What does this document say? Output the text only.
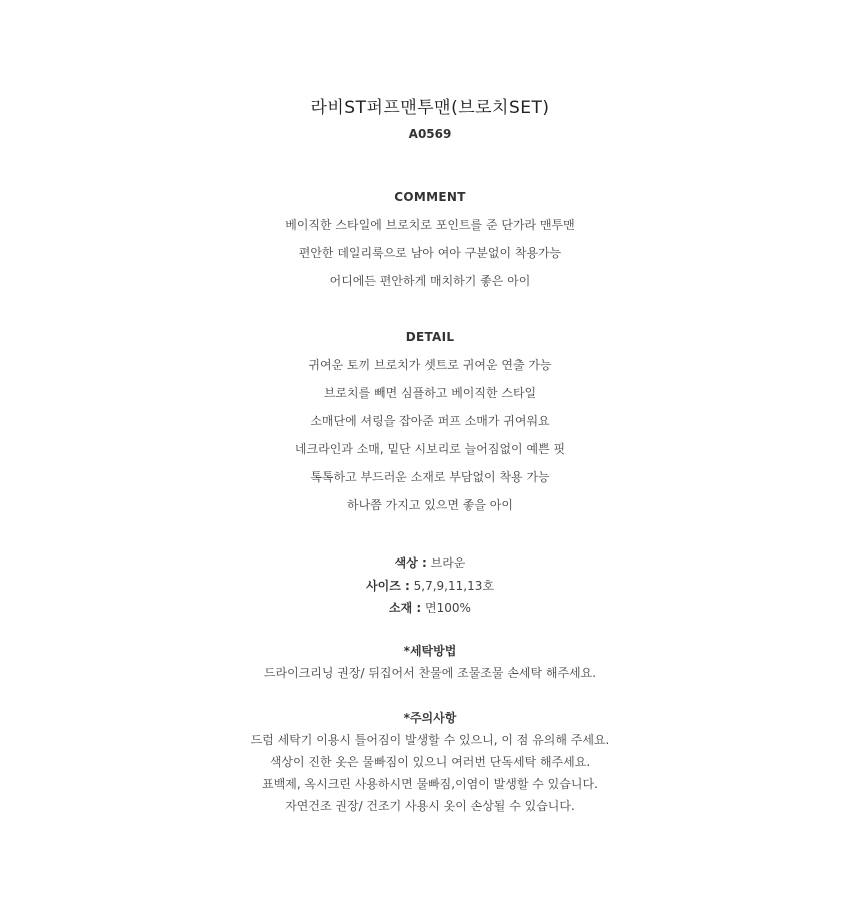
라비ST퍼프맨투맨(브로치SET)
A0569
COMMENT
베이직한 스타일에 브로치로 포인트를 준 단가라 맨투맨
편안한 데일리룩으로 남아 여아 구분없이 착용가능
어디에든 편안하게 매치하기 좋은 아이
DETAIL
귀여운 토끼 브로치가 셋트로 귀여운 연출 가능
브로치를 빼면 심플하고 베이직한 스타일
소매단에 셔링을 잡아준 퍼프 소매가 귀여워요
네크라인과 소매, 밑단 시보리로 늘어짐없이 예쁜 핏
톡톡하고 부드러운 소재로 부담없이 착용 가능
하나쯤 가지고 있으면 좋을 아이
색상 : 브라운
사이즈 : 5,7,9,11,13호
소재 : 면100%
*세탁방법
드라이크리닝 권장/ 뒤집어서 찬물에 조물조물 손세탁 해주세요.
*주의사항
드럼 세탁기 이용시 틀어짐이 발생할 수 있으니, 이 점 유의해 주세요.
색상이 진한 옷은 물빠짐이 있으니 여러번 단독세탁 해주세요.
표백제, 옥시크린 사용하시면 물빠짐,이염이 발생할 수 있습니다.
자연건조 권장/ 건조기 사용시 옷이 손상될 수 있습니다.
